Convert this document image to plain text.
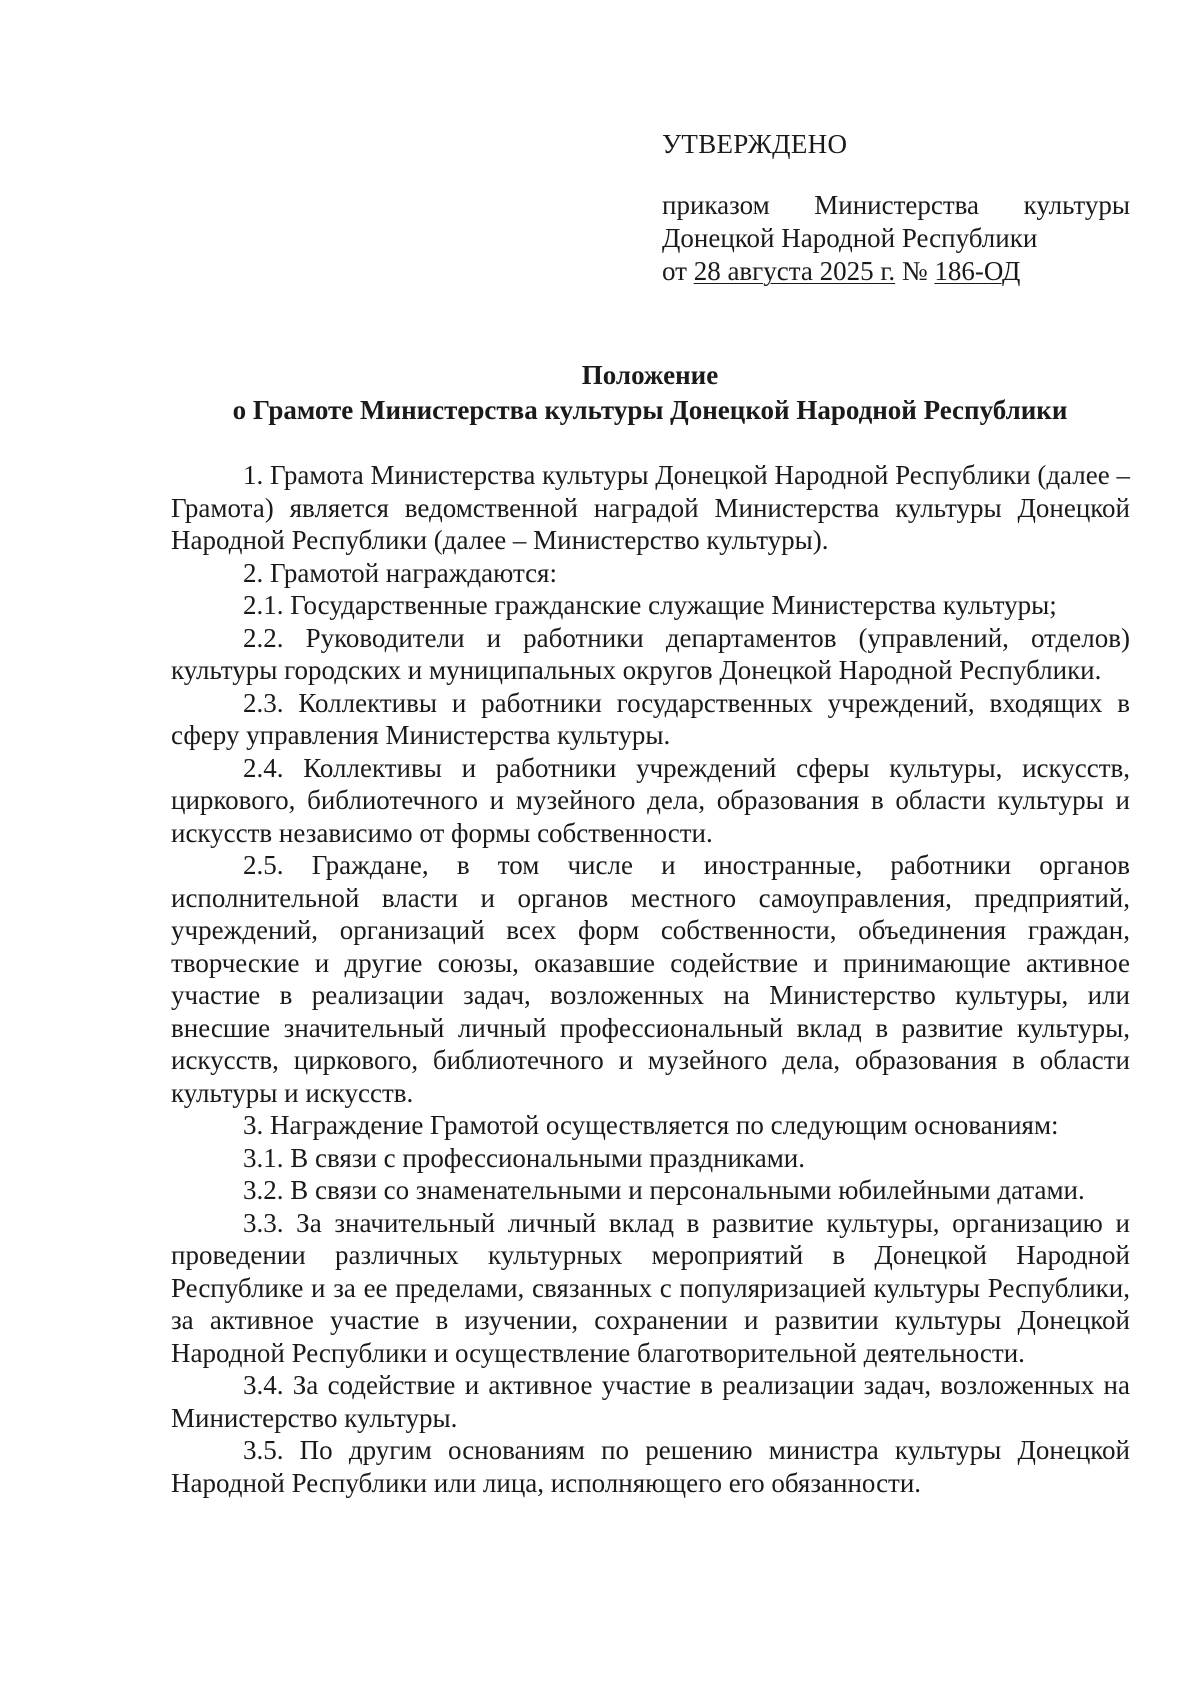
УТВЕРЖДЕНО

приказом Министерства культуры

Донецкой Народной Республики

от 28 августа 2025 г. № 186-ОД

Положение

о Грамоте Министерства культуры Донецкой Народной Республики

1. Грамота Министерства культуры Донецкой Народной Республики (далее – Грамота) является ведомственной наградой Министерства культуры Донецкой Народной Республики (далее – Министерство культуры).

2. Грамотой награждаются:

2.1. Государственные гражданские служащие Министерства культуры;

2.2. Руководители и работники департаментов (управлений, отделов) культуры городских и муниципальных округов Донецкой Народной Республики.

2.3. Коллективы и работники государственных учреждений, входящих в сферу управления Министерства культуры.

2.4. Коллективы и работники учреждений сферы культуры, искусств, циркового, библиотечного и музейного дела, образования в области культуры и искусств независимо от формы собственности.

2.5. Граждане, в том числе и иностранные, работники органов исполнительной власти и органов местного самоуправления, предприятий, учреждений, организаций всех форм собственности, объединения граждан, творческие и другие союзы, оказавшие содействие и принимающие активное участие в реализации задач, возложенных на Министерство культуры, или внесшие значительный личный профессиональный вклад в развитие культуры, искусств, циркового, библиотечного и музейного дела, образования в области культуры и искусств.

3. Награждение Грамотой осуществляется по следующим основаниям:

3.1. В связи с профессиональными праздниками.

3.2. В связи со знаменательными и персональными юбилейными датами.

3.3. За значительный личный вклад в развитие культуры, организацию и проведении различных культурных мероприятий в Донецкой Народной Республике и за ее пределами, связанных с популяризацией культуры Республики, за активное участие в изучении, сохранении и развитии культуры Донецкой Народной Республики и осуществление благотворительной деятельности.

3.4. За содействие и активное участие в реализации задач, возложенных на Министерство культуры.

3.5. По другим основаниям по решению министра культуры Донецкой Народной Республики или лица, исполняющего его обязанности.
